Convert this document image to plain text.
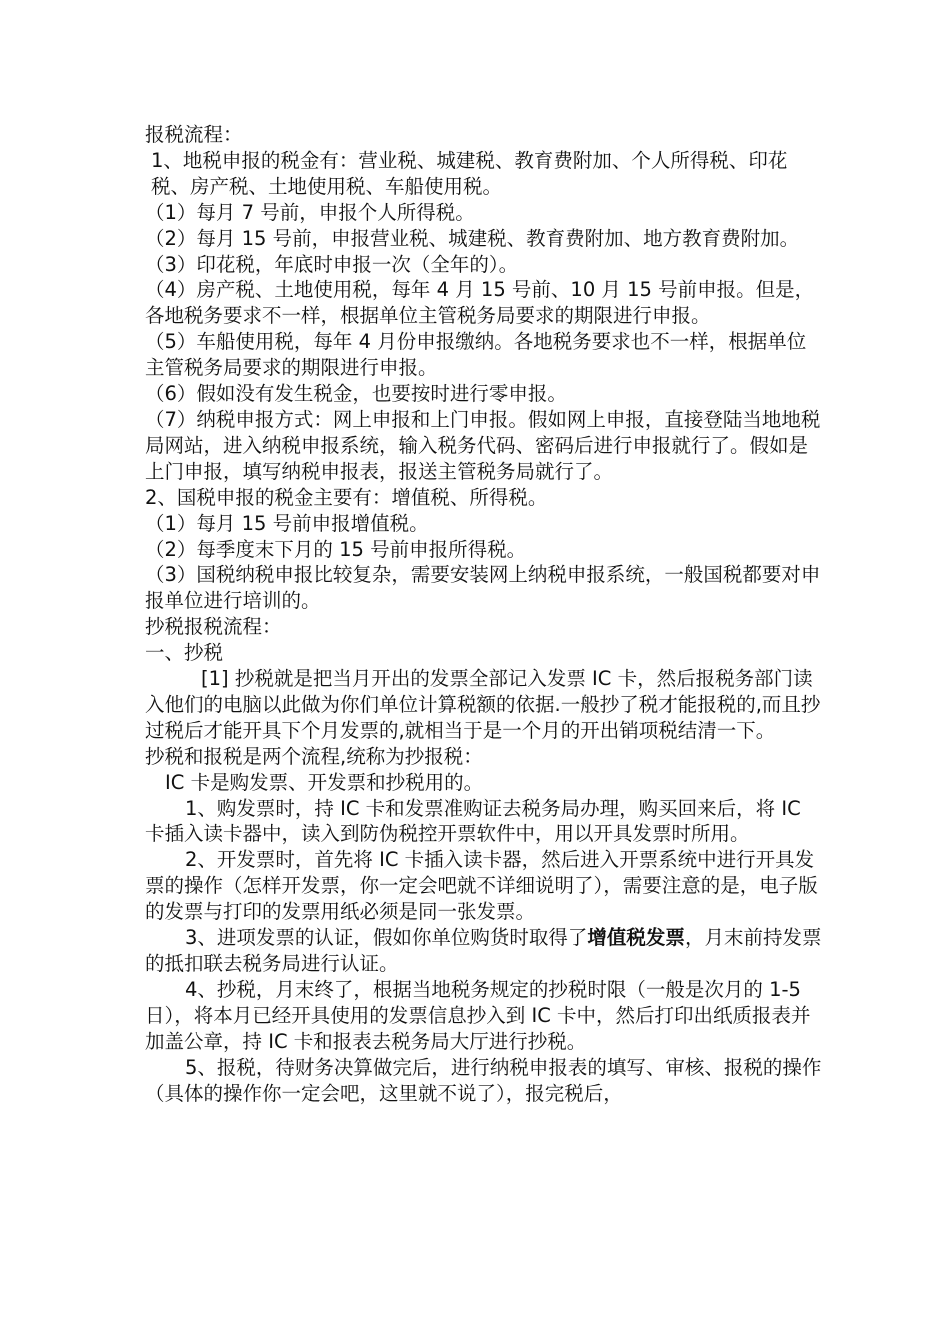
报税流程：

1、地税申报的税金有：营业税、城建税、教育费附加、个人所得税、印花税、房产税、土地使用税、车船使用税。

（1）每月 7 号前，申报个人所得税。

（2）每月 15 号前，申报营业税、城建税、教育费附加、地方教育费附加。

（3）印花税，年底时申报一次（全年的）。

（4）房产税、土地使用税，每年 4 月 15 号前、10 月 15 号前申报。但是，各地税务要求不一样，根据单位主管税务局要求的期限进行申报。

（5）车船使用税，每年 4 月份申报缴纳。各地税务要求也不一样，根据单位主管税务局要求的期限进行申报。

（6）假如没有发生税金，也要按时进行零申报。

（7）纳税申报方式：网上申报和上门申报。假如网上申报，直接登陆当地地税局网站，进入纳税申报系统，输入税务代码、密码后进行申报就行了。假如是上门申报，填写纳税申报表，报送主管税务局就行了。

2、国税申报的税金主要有：增值税、所得税。

（1）每月 15 号前申报增值税。

（2）每季度末下月的 15 号前申报所得税。

（3）国税纳税申报比较复杂，需要安装网上纳税申报系统，一般国税都要对申报单位进行培训的。

抄税报税流程：

一、抄税

[1] 抄税就是把当月开出的发票全部记入发票 IC 卡，然后报税务部门读入他们的电脑以此做为你们单位计算税额的依据.一般抄了税才能报税的,而且抄过税后才能开具下个月发票的,就相当于是一个月的开出销项税结清一下。

抄税和报税是两个流程,统称为抄报税：

IC 卡是购发票、开发票和抄税用的。

1、购发票时，持 IC 卡和发票准购证去税务局办理，购买回来后，将 IC 卡插入读卡器中，读入到防伪税控开票软件中，用以开具发票时所用。

2、开发票时，首先将 IC 卡插入读卡器，然后进入开票系统中进行开具发票的操作（怎样开发票，你一定会吧就不详细说明了），需要注意的是，电子版的发票与打印的发票用纸必须是同一张发票。

3、进项发票的认证，假如你单位购货时取得了增值税发票，月末前持发票的抵扣联去税务局进行认证。

4、抄税，月末终了，根据当地税务规定的抄税时限（一般是次月的 1-5 日），将本月已经开具使用的发票信息抄入到 IC 卡中，然后打印出纸质报表并加盖公章，持 IC 卡和报表去税务局大厅进行抄税。

5、报税，待财务决算做完后，进行纳税申报表的填写、审核、报税的操作（具体的操作你一定会吧，这里就不说了），报完税后，
